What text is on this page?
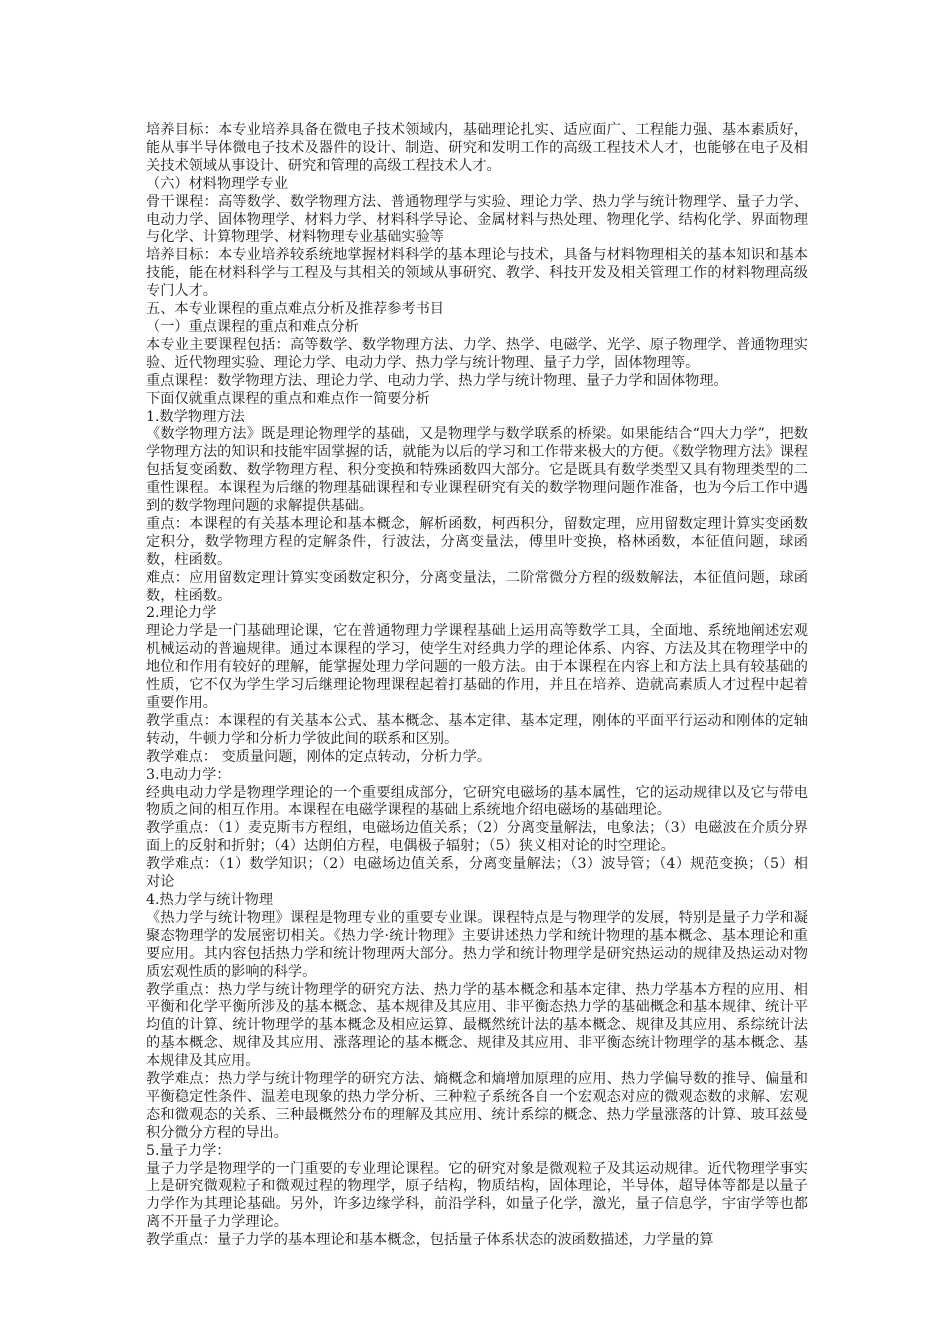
培养目标：本专业培养具备在微电子技术领域内，基础理论扎实、适应面广、工程能力强、基本素质好，能从事半导体微电子技术及器件的设计、制造、研究和发明工作的高级工程技术人才，也能够在电子及相关技术领域从事设计、研究和管理的高级工程技术人才。

（六）材料物理学专业

骨干课程：高等数学、数学物理方法、普通物理学与实验、理论力学、热力学与统计物理学、量子力学、电动力学、固体物理学、材料力学、材料科学导论、金属材料与热处理、物理化学、结构化学、界面物理与化学、计算物理学、材料物理专业基础实验等

培养目标：本专业培养较系统地掌握材料科学的基本理论与技术，具备与材料物理相关的基本知识和基本技能，能在材料科学与工程及与其相关的领域从事研究、教学、科技开发及相关管理工作的材料物理高级专门人才。

五、本专业课程的重点难点分析及推荐参考书目

（一）重点课程的重点和难点分析

本专业主要课程包括：高等数学、数学物理方法、力学、热学、电磁学、光学、原子物理学、普通物理实验、近代物理实验、理论力学、电动力学、热力学与统计物理、量子力学，固体物理等。

重点课程：数学物理方法、理论力学、电动力学、热力学与统计物理、量子力学和固体物理。

下面仅就重点课程的重点和难点作一简要分析

1.数学物理方法

《数学物理方法》既是理论物理学的基础，又是物理学与数学联系的桥梁。如果能结合“四大力学”，把数学物理方法的知识和技能牢固掌握的话，就能为以后的学习和工作带来极大的方便。《数学物理方法》课程包括复变函数、数学物理方程、积分变换和特殊函数四大部分。它是既具有数学类型又具有物理类型的二重性课程。本课程为后继的物理基础课程和专业课程研究有关的数学物理问题作准备，也为今后工作中遇到的数学物理问题的求解提供基础。

重点：本课程的有关基本理论和基本概念，解析函数，柯西积分，留数定理，应用留数定理计算实变函数定积分，数学物理方程的定解条件，行波法，分离变量法，傅里叶变换，格林函数，本征值问题，球函数，柱函数。

难点：应用留数定理计算实变函数定积分，分离变量法，二阶常微分方程的级数解法，本征值问题，球函数，柱函数。

2.理论力学

理论力学是一门基础理论课，它在普通物理力学课程基础上运用高等数学工具，全面地、系统地阐述宏观机械运动的普遍规律。通过本课程的学习，使学生对经典力学的理论体系、内容、方法及其在物理学中的地位和作用有较好的理解，能掌握处理力学问题的一般方法。由于本课程在内容上和方法上具有较基础的性质，它不仅为学生学习后继理论物理课程起着打基础的作用，并且在培养、造就高素质人才过程中起着重要作用。

教学重点：本课程的有关基本公式、基本概念、基本定律、基本定理，刚体的平面平行运动和刚体的定轴转动，牛顿力学和分析力学彼此间的联系和区别。

教学难点： 变质量问题，刚体的定点转动，分析力学。

3.电动力学：

经典电动力学是物理学理论的一个重要组成部分，它研究电磁场的基本属性，它的运动规律以及它与带电物质之间的相互作用。本课程在电磁学课程的基础上系统地介绍电磁场的基础理论。

教学重点：（1）麦克斯韦方程组，电磁场边值关系；（2）分离变量解法，电象法；（3）电磁波在介质分界面上的反射和折射；（4）达朗伯方程，电偶极子辐射；（5）狭义相对论的时空理论。

教学难点：（1）数学知识；（2）电磁场边值关系，分离变量解法；（3）波导管；（4）规范变换；（5）相对论

4.热力学与统计物理

《热力学与统计物理》课程是物理专业的重要专业课。课程特点是与物理学的发展，特别是量子力学和凝聚态物理学的发展密切相关。《热力学·统计物理》主要讲述热力学和统计物理的基本概念、基本理论和重要应用。其内容包括热力学和统计物理两大部分。热力学和统计物理学是研究热运动的规律及热运动对物质宏观性质的影响的科学。

教学重点：热力学与统计物理学的研究方法、热力学的基本概念和基本定律、热力学基本方程的应用、相平衡和化学平衡所涉及的基本概念、基本规律及其应用、非平衡态热力学的基础概念和基本规律、统计平均值的计算、统计物理学的基本概念及相应运算、最概然统计法的基本概念、规律及其应用、系综统计法的基本概念、规律及其应用、涨落理论的基本概念、规律及其应用、非平衡态统计物理学的基本概念、基本规律及其应用。

教学难点：热力学与统计物理学的研究方法、熵概念和熵增加原理的应用、热力学偏导数的推导、偏量和平衡稳定性条件、温差电现象的热力学分析、三种粒子系统各自一个宏观态对应的微观态数的求解、宏观态和微观态的关系、三种最概然分布的理解及其应用、统计系综的概念、热力学量涨落的计算、玻耳兹曼积分微分方程的导出。

5.量子力学：

量子力学是物理学的一门重要的专业理论课程。它的研究对象是微观粒子及其运动规律。近代物理学事实上是研究微观粒子和微观过程的物理学，原子结构，物质结构，固体理论，半导体，超导体等都是以量子力学作为其理论基础。另外，许多边缘学科，前沿学科，如量子化学，激光，量子信息学，宇宙学等也都离不开量子力学理论。

教学重点：量子力学的基本理论和基本概念，包括量子体系状态的波函数描述，力学量的算
